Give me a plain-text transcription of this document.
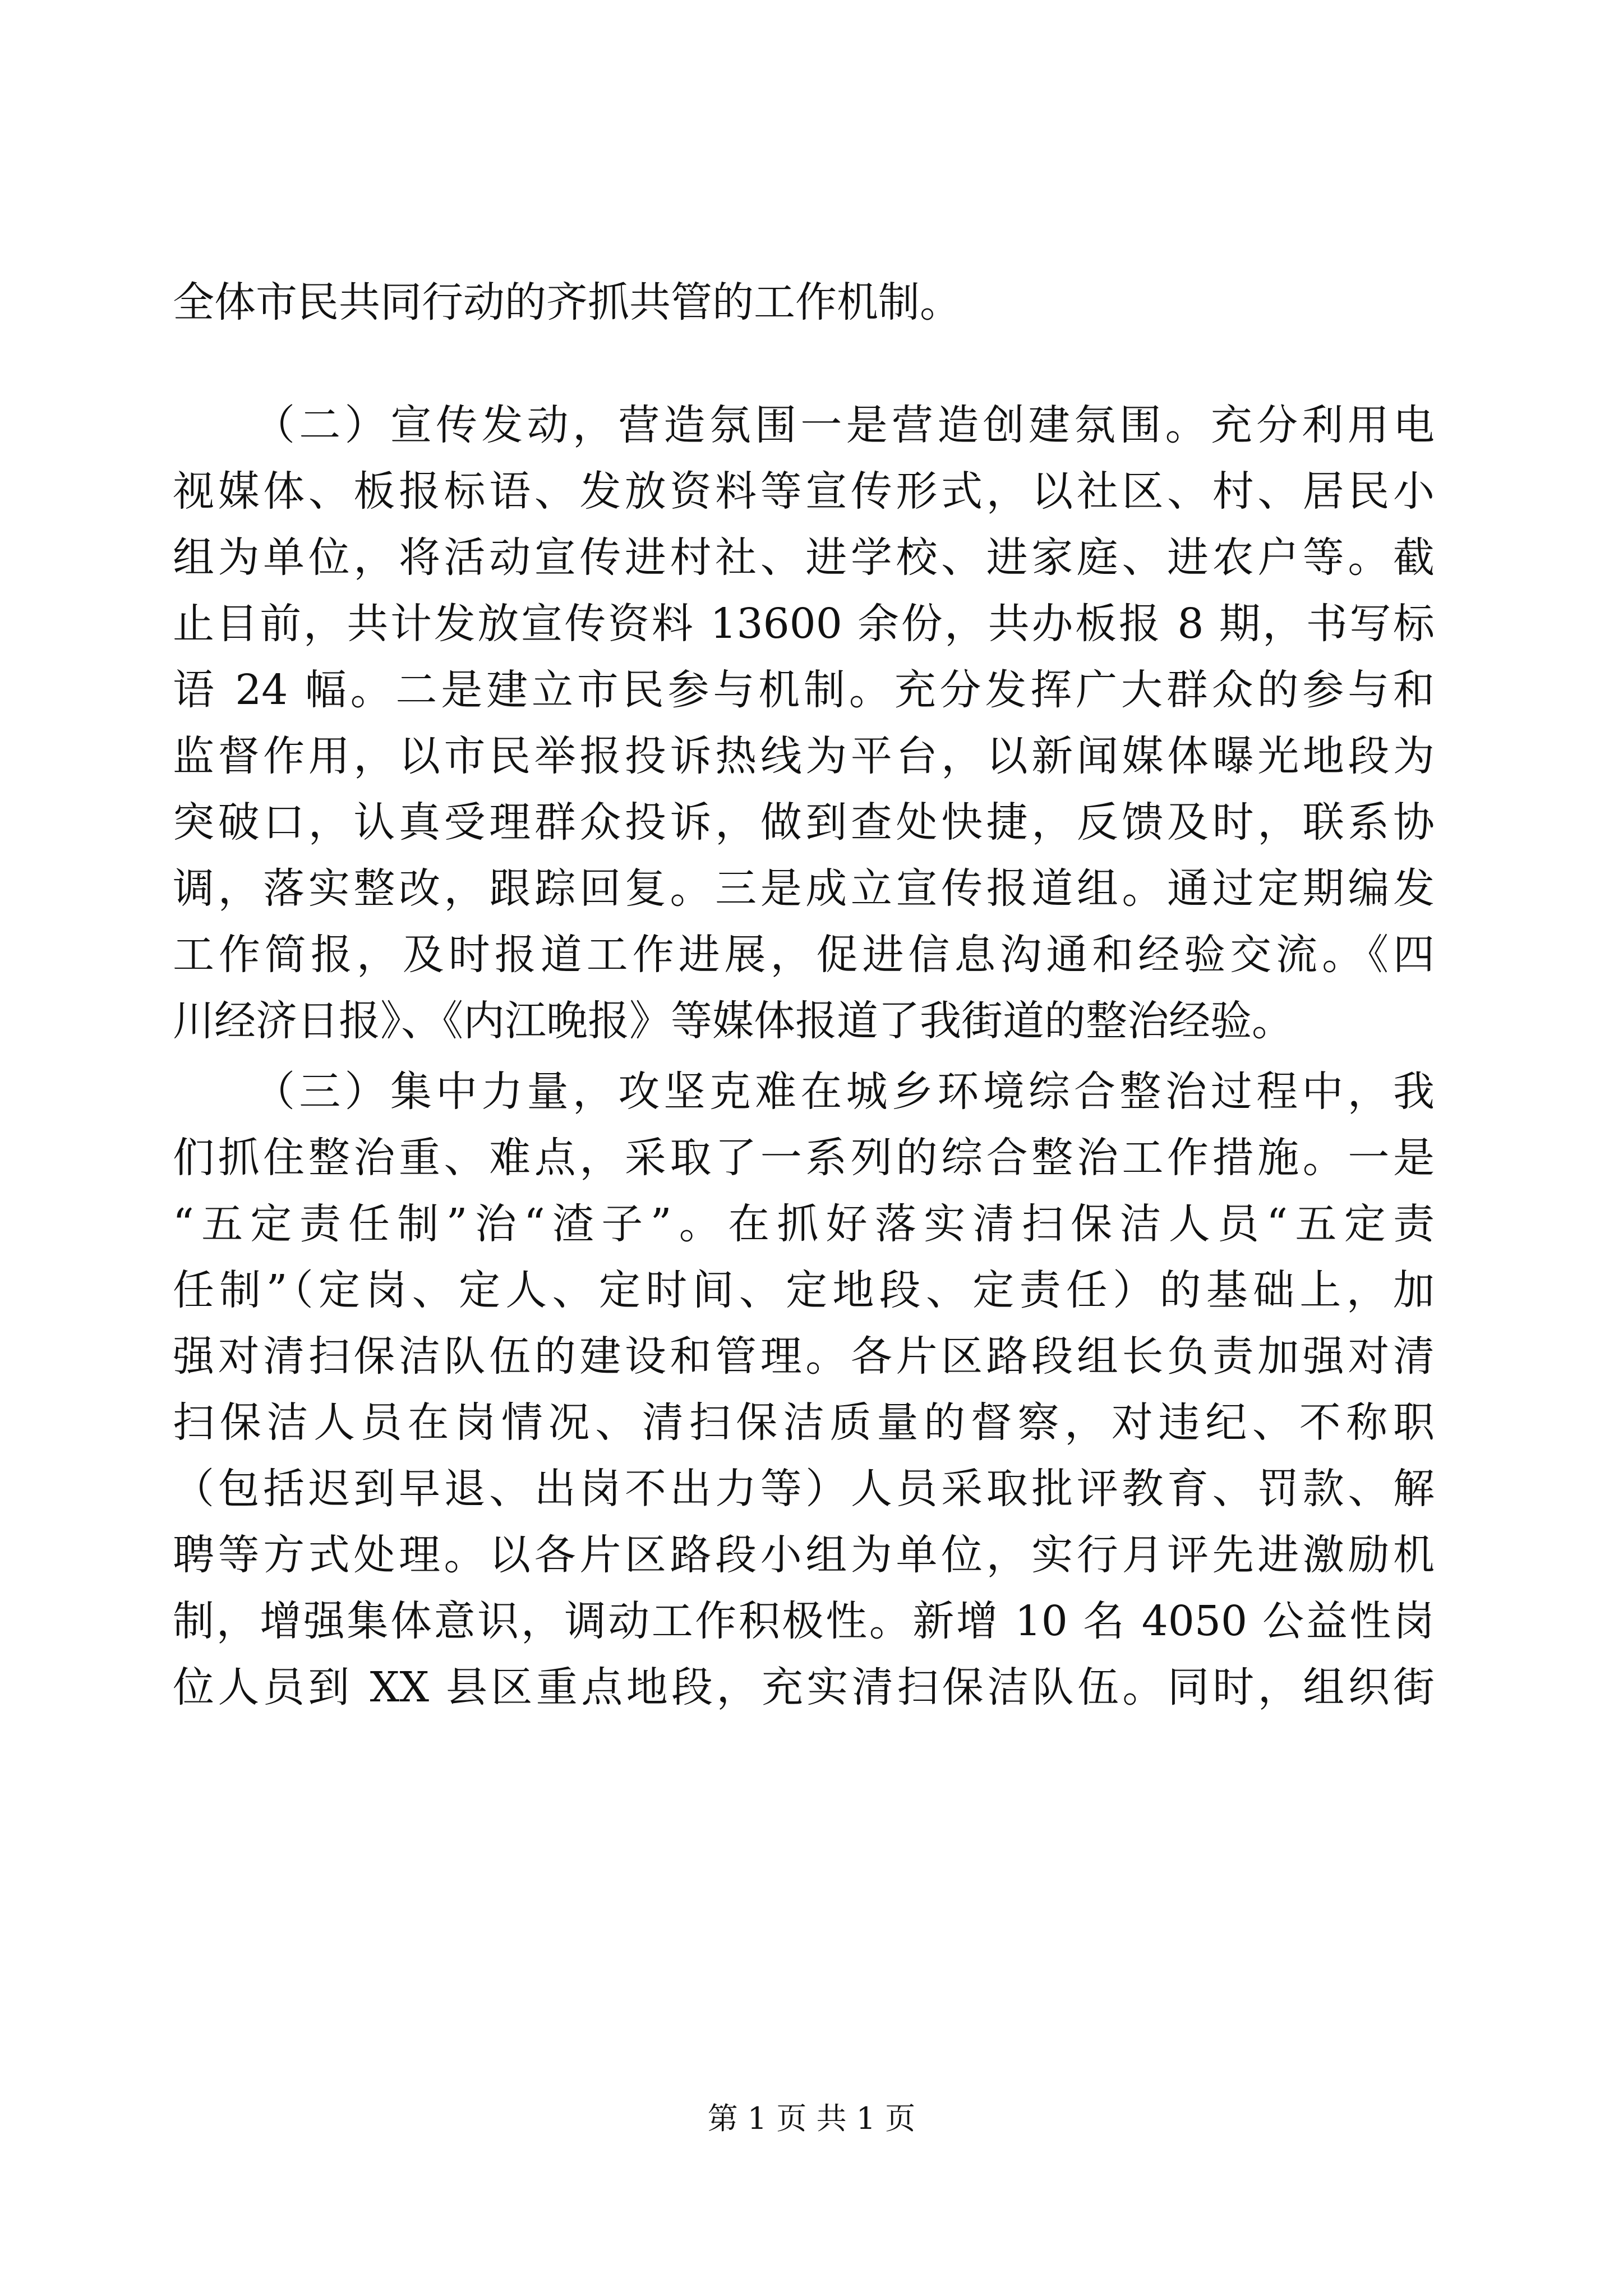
全体市民共同行动的齐抓共管的工作机制。
（二）宣传发动，营造氛围一是营造创建氛围。充分利用电
视媒体、板报标语、发放资料等宣传形式，以社区、村、居民小
组为单位，将活动宣传进村社、进学校、进家庭、进农户等。截
止目前，共计发放宣传资料 13600 余份，共办板报 8 期，书写标
语 24 幅。二是建立市民参与机制。充分发挥广大群众的参与和
监督作用，以市民举报投诉热线为平台，以新闻媒体曝光地段为
突破口，认真受理群众投诉，做到查处快捷，反馈及时，联系协
调，落实整改，跟踪回复。三是成立宣传报道组。通过定期编发
工作简报，及时报道工作进展，促进信息沟通和经验交流。《四
川经济日报》、《内江晚报》等媒体报道了我街道的整治经验。
（三）集中力量，攻坚克难在城乡环境综合整治过程中，我
们抓住整治重、难点，采取了一系列的综合整治工作措施。一是
“五定责任制”治“渣子”。在抓好落实清扫保洁人员“五定责
任制”（定岗、定人、定时间、定地段、定责任）的基础上，加
强对清扫保洁队伍的建设和管理。各片区路段组长负责加强对清
扫保洁人员在岗情况、清扫保洁质量的督察，对违纪、不称职
（包括迟到早退、出岗不出力等）人员采取批评教育、罚款、解
聘等方式处理。以各片区路段小组为单位，实行月评先进激励机
制，增强集体意识，调动工作积极性。新增 10 名 4050 公益性岗
位人员到 XX 县区重点地段，充实清扫保洁队伍。同时，组织街
第 1 页 共 1 页
